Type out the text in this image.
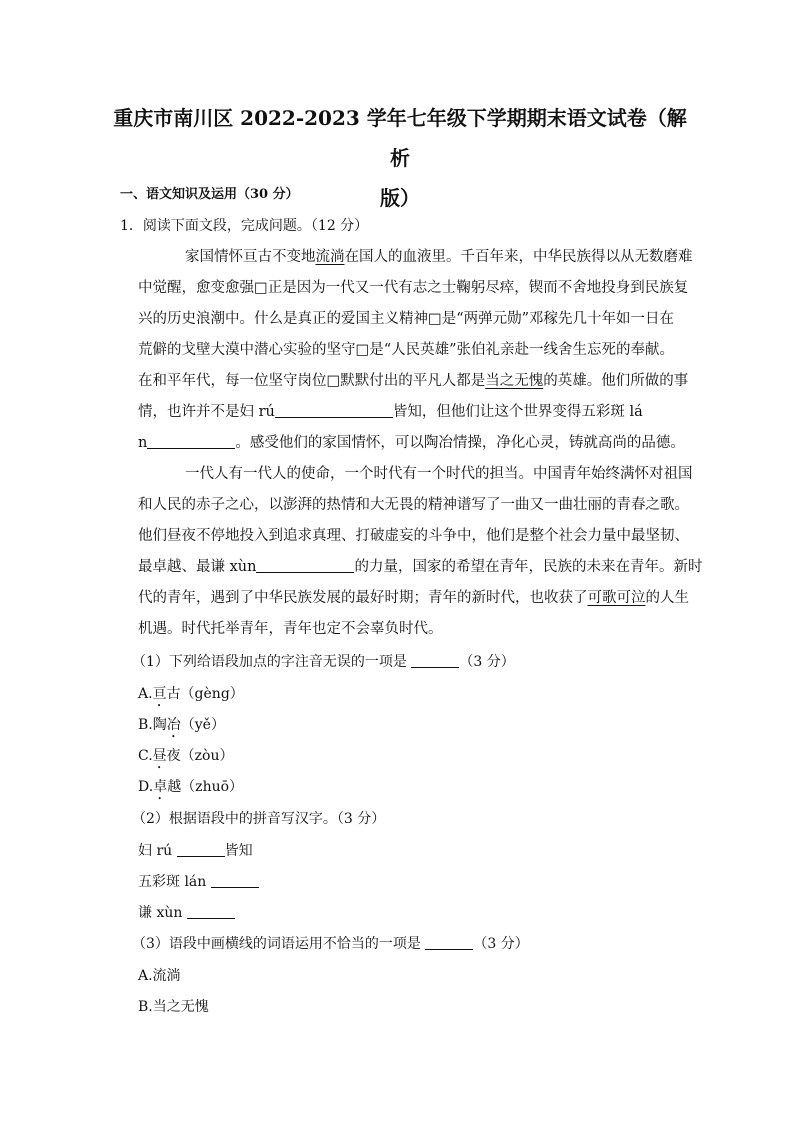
重庆市南川区 2022-2023 学年七年级下学期期末语文试卷（解析
版）
一、语文知识及运用（30 分）
1．阅读下面文段，完成问题。（12 分）
家国情怀亘古不变地流淌在国人的血液里。千百年来，中华民族得以从无数磨难
中觉醒，愈变愈强□正是因为一代又一代有志之士鞠躬尽瘁，锲而不舍地投身到民族复
兴的历史浪潮中。什么是真正的爱国主义精神□是“两弹元勋”邓稼先几十年如一日在
荒僻的戈壁大漠中潜心实验的坚守□是“人民英雄”张伯礼亲赴一线舍生忘死的奉献。
在和平年代，每一位坚守岗位□默默付出的平凡人都是当之无愧的英雄。他们所做的事
情，也许并不是妇 rú	皆知，但他们让这个世界变得五彩斑 lá
n	。感受他们的家国情怀，可以陶冶情操，净化心灵，铸就高尚的品德。
一代人有一代人的使命，一个时代有一个时代的担当。中国青年始终满怀对祖国
和人民的赤子之心，以澎湃的热情和大无畏的精神谱写了一曲又一曲壮丽的青春之歌。
他们昼夜不停地投入到追求真理、打破虚妄的斗争中，他们是整个社会力量中最坚韧、
最卓越、最谦 xùn	的力量，国家的希望在青年，民族的未来在青年。新时
代的青年，遇到了中华民族发展的最好时期；青年的新时代，也收获了可歌可泣的人生
机遇。时代托举青年，青年也定不会辜负时代。
（1）下列给语段加点的字注音无误的一项是	（3 分）
A.亘古（gèng）
B.陶冶（yě）
C.昼夜（zòu）
D.卓越（zhuō）
（2）根据语段中的拼音写汉字。（3 分）
妇 rú	皆知
五彩斑 lán
谦 xùn
（3）语段中画横线的词语运用不恰当的一项是	（3 分）
A.流淌
B.当之无愧
